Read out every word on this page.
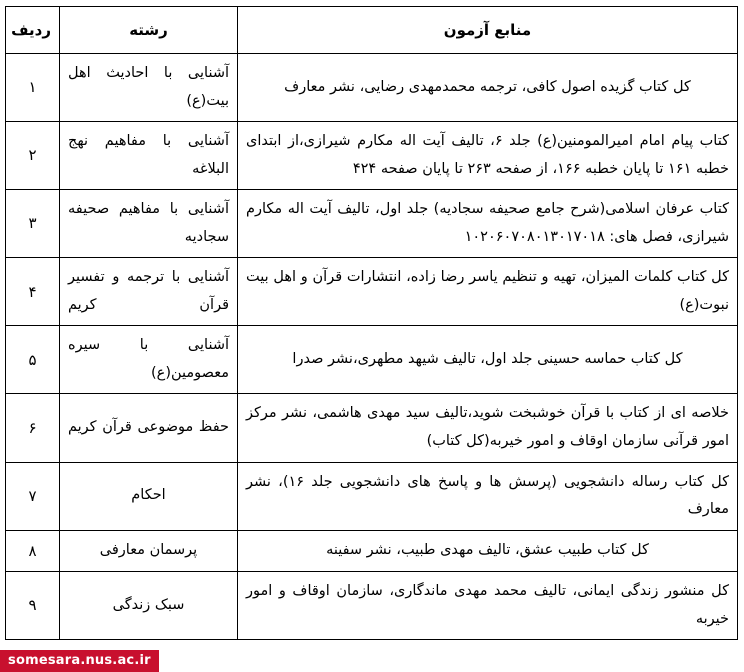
منابع آزمون	رشته	ردیف
کل کتاب گزیده اصول کافی، ترجمه محمدمهدی رضایی، نشر معارف	آشنایی با احادیث اهل بیت(ع)	۱
کتاب پیام امام امیرالمومنین(ع) جلد ۶، تالیف آیت اله مکارم شیرازی،از ابتدای خطبه ۱۶۱ تا پایان خطبه ۱۶۶، از صفحه ۲۶۳ تا پایان صفحه ۴۲۴	آشنایی با مفاهیم نهج البلاغه	۲
کتاب عرفان اسلامی(شرح جامع صحیفه سجادیه) جلد اول، تالیف آیت اله مکارم شیرازی، فصل های: ۱۰۲۰۶۰۷۰۸۰۱۳۰۱۷۰۱۸	آشنایی با مفاهیم صحیفه سجادیه	۳
کل کتاب کلمات المیزان، تهیه و تنظیم یاسر رضا زاده، انتشارات قرآن و اهل بیت نبوت(ع)	آشنایی با ترجمه و تفسیر قرآن کریم	۴
کل کتاب حماسه حسینی جلد اول، تالیف شیهد مطهری،نشر صدرا	آشنایی با سیره معصومین(ع)	۵
خلاصه ای از کتاب با قرآن خوشبخت شوید،تالیف سید مهدی هاشمی، نشر مرکز امور قرآنی سازمان اوقاف و امور خیربه(کل کتاب)	حفظ موضوعی قرآن کریم	۶
کل کتاب رساله دانشجویی (پرسش ها و پاسخ های دانشجویی جلد ۱۶)، نشر معارف	احکام	۷
کل کتاب طبیب عشق، تالیف مهدی طبیب، نشر سفینه	پرسمان معارفی	۸
کل منشور زندگی ایمانی، تالیف محمد مهدی ماندگاری، سازمان اوقاف و امور خیربه	سبک زندگی	۹
somesara.nus.ac.ir
